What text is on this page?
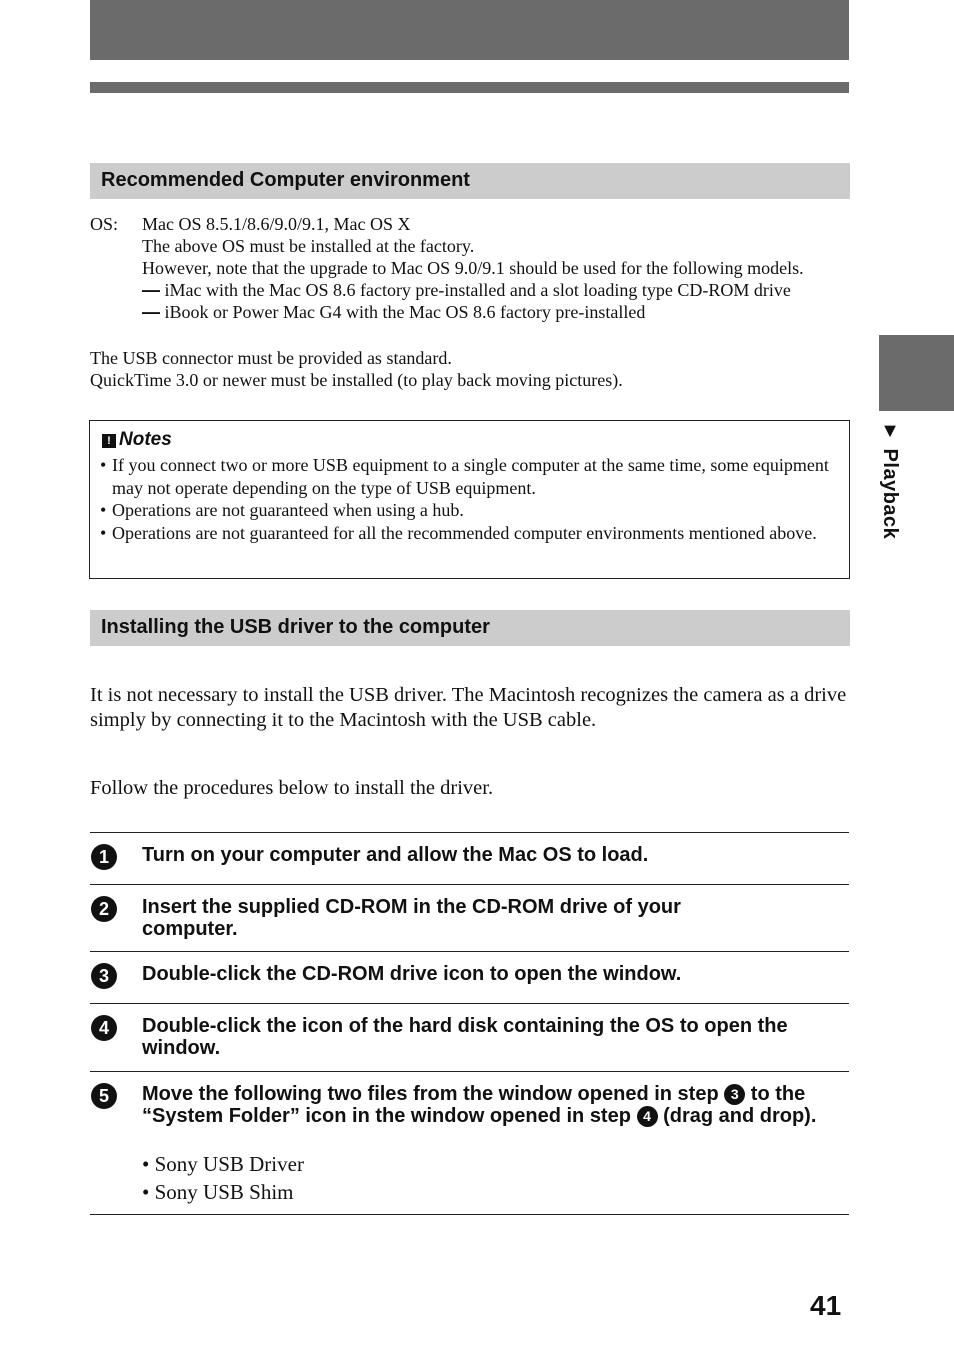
▼ Playback
Recommended Computer environment
OS: Mac OS 8.5.1/8.6/9.0/9.1, Mac OS X
The above OS must be installed at the factory.
However, note that the upgrade to Mac OS 9.0/9.1 should be used for the following models.
— iMac with the Mac OS 8.6 factory pre-installed and a slot loading type CD-ROM drive
— iBook or Power Mac G4 with the Mac OS 8.6 factory pre-installed
The USB connector must be provided as standard.
QuickTime 3.0 or newer must be installed (to play back moving pictures).
! Notes
• If you connect two or more USB equipment to a single computer at the same time, some equipment may not operate depending on the type of USB equipment.
• Operations are not guaranteed when using a hub.
• Operations are not guaranteed for all the recommended computer environments mentioned above.
Installing the USB driver to the computer
It is not necessary to install the USB driver. The Macintosh recognizes the camera as a drive simply by connecting it to the Macintosh with the USB cable.
Follow the procedures below to install the driver.
1	Turn on your computer and allow the Mac OS to load.
2	Insert the supplied CD-ROM in the CD-ROM drive of your computer.
3	Double-click the CD-ROM drive icon to open the window.
4	Double-click the icon of the hard disk containing the OS to open the window.
5	Move the following two files from the window opened in step 3 to the “System Folder” icon in the window opened in step 4 (drag and drop).
• Sony USB Driver
• Sony USB Shim
41
